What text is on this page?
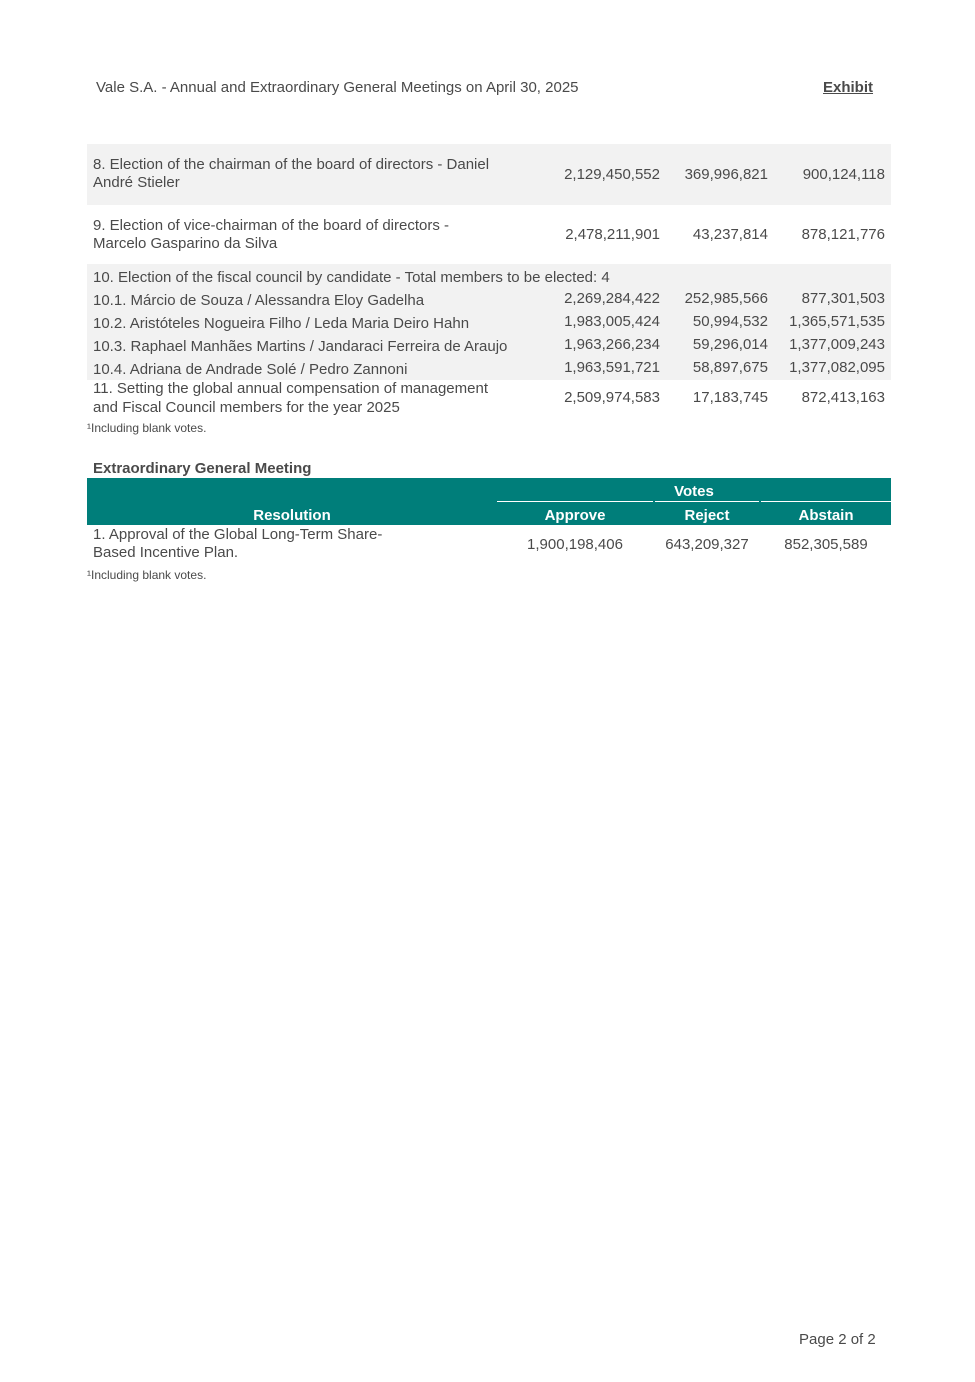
Vale S.A. - Annual and Extraordinary General Meetings on April 30, 2025	Exhibit
8. Election of the chairman of the board of directors - Daniel
André Stieler	2,129,450,552 369,996,821 900,124,118
9. Election of vice-chairman of the board of directors -
Marcelo Gasparino da Silva
2,478,211,901 43,237,814 878,121,776
10. Election of the fiscal council by candidate - Total members to be elected: 4
10.1. Márcio de Souza / Alessandra Eloy Gadelha	2,269,284,422 252,985,566 877,301,503
10.2. Aristóteles Nogueira Filho / Leda Maria Deiro Hahn	1,983,005,424 50,994,532 1,365,571,535
10.3. Raphael Manhães Martins / Jandaraci Ferreira de Araujo	1,963,266,234 59,296,014 1,377,009,243
10.4. Adriana de Andrade Solé / Pedro Zannoni	1,963,591,721 58,897,675 1,377,082,095
11. Setting the global annual compensation of management
and Fiscal Council members for the year 2025
2,509,974,583 17,183,745 872,413,163
¹Including blank votes.
Extraordinary General Meeting
Votes
Resolution	Approve	Reject	Abstain
1. Approval of the Global Long-Term Share-
Based Incentive Plan.	1,900,198,406	643,209,327	852,305,589
¹Including blank votes.
Page 2 of 2
